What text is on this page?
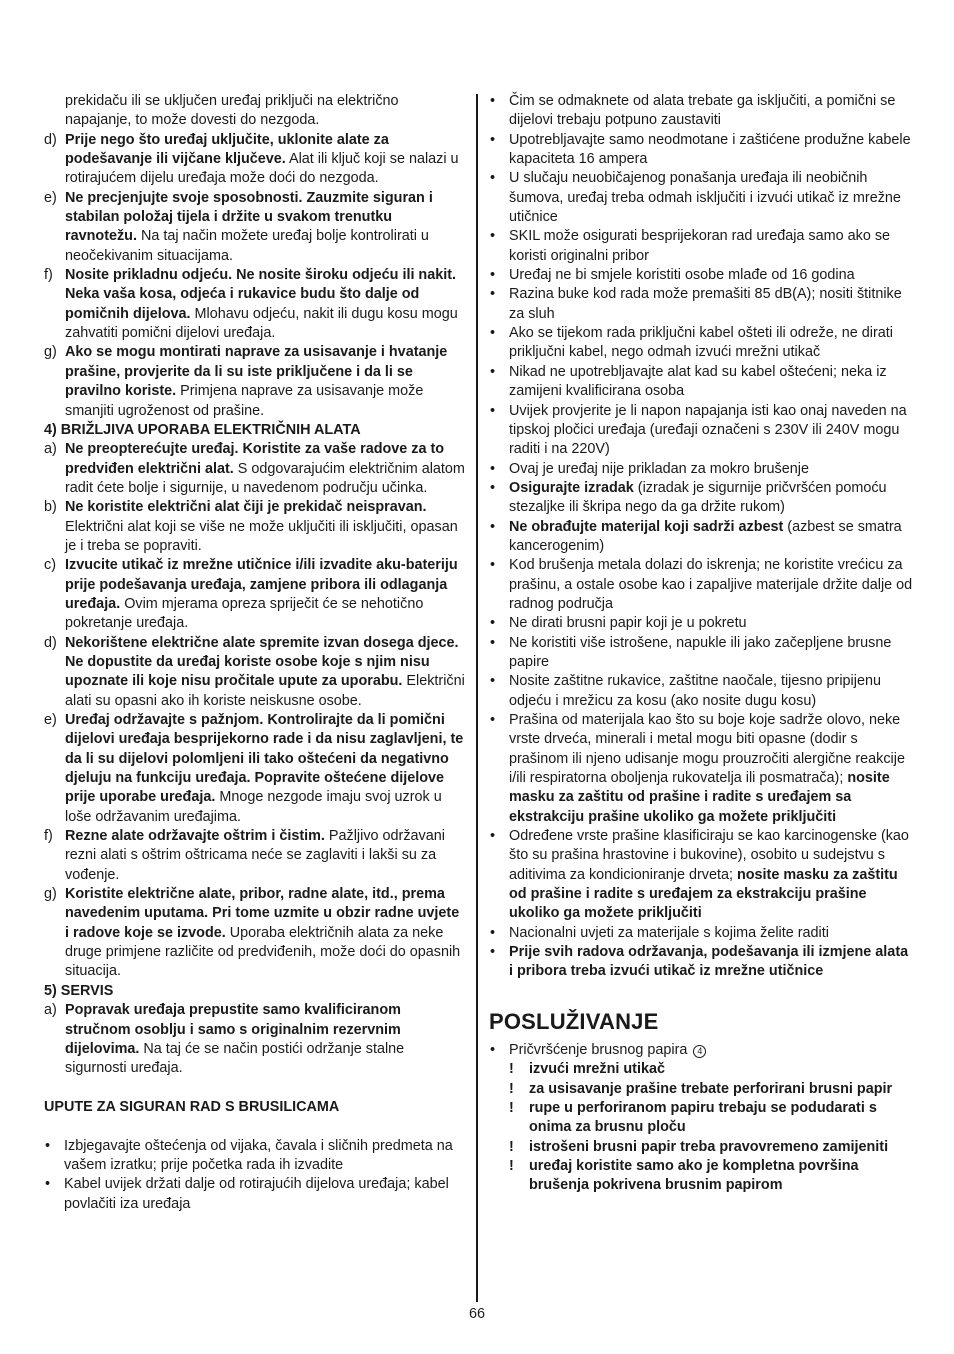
prekidaču ili se uključen uređaj priključi na električno napajanje, to može dovesti do nezgoda.
d) Prije nego što uređaj uključite, uklonite alate za podešavanje ili vijčane ključeve. Alat ili ključ koji se nalazi u rotirajućem dijelu uređaja može doći do nezgoda.
e) Ne precjenjujte svoje sposobnosti. Zauzmite siguran i stabilan položaj tijela i držite u svakom trenutku ravnotežu. Na taj način možete uređaj bolje kontrolirati u neočekivanim situacijama.
f) Nosite prikladnu odjeću. Ne nosite široku odjeću ili nakit. Neka vaša kosa, odjeća i rukavice budu što dalje od pomičnih dijelova. Mlohavu odjeću, nakit ili dugu kosu mogu zahvatiti pomični dijelovi uređaja.
g) Ako se mogu montirati naprave za usisavanje i hvatanje prašine, provjerite da li su iste priključene i da li se pravilno koriste. Primjena naprave za usisavanje može smanjiti ugroženost od prašine.
4) BRIŽLJIVA UPORABA ELEKTRIČNIH ALATA
a) Ne preopterećujte uređaj. Koristite za vaše radove za to predviđen električni alat. S odgovarajućim električnim alatom radit ćete bolje i sigurnije, u navedenom području učinka.
b) Ne koristite električni alat čiji je prekidač neispravan. Električni alat koji se više ne može uključiti ili isključiti, opasan je i treba se popraviti.
c) Izvucite utikač iz mrežne utičnice i/ili izvadite aku-bateriju prije podešavanja uređaja, zamjene pribora ili odlaganja uređaja. Ovim mjerama opreza spriječit će se nehotično pokretanje uređaja.
d) Nekorištene električne alate spremite izvan dosega djece. Ne dopustite da uređaj koriste osobe koje s njim nisu upoznate ili koje nisu pročitale upute za uporabu. Električni alati su opasni ako ih koriste neiskusne osobe.
e) Uređaj održavajte s pažnjom. Kontrolirajte da li pomični dijelovi uređaja besprijekorno rade i da nisu zaglavljeni, te da li su dijelovi polomljeni ili tako oštećeni da negativno djeluju na funkciju uređaja. Popravite oštećene dijelove prije uporabe uređaja. Mnoge nezgode imaju svoj uzrok u loše održavanim uređajima.
f) Rezne alate održavajte oštrim i čistim. Pažljivo održavani rezni alati s oštrim oštricama neće se zaglaviti i lakši su za vođenje.
g) Koristite električne alate, pribor, radne alate, itd., prema navedenim uputama. Pri tome uzmite u obzir radne uvjete i radove koje se izvode. Uporaba električnih alata za neke druge primjene različite od predviđenih, može doći do opasnih situacija.
5) SERVIS
a) Popravak uređaja prepustite samo kvalificiranom stručnom osoblju i samo s originalnim rezervnim dijelovima. Na taj će se način postići održanje stalne sigurnosti uređaja.
UPUTE ZA SIGURAN RAD S BRUSILICAMA
• Izbjegavajte oštećenja od vijaka, čavala i sličnih predmeta na vašem izratku; prije početka rada ih izvadite
• Kabel uvijek držati dalje od rotirajućih dijelova uređaja; kabel povlačiti iza uređaja
• Čim se odmaknete od alata trebate ga isključiti, a pomični se dijelovi trebaju potpuno zaustaviti
• Upotrebljavajte samo neodmotane i zaštićene produžne kabele kapaciteta 16 ampera
• U slučaju neuobičajenog ponašanja uređaja ili neobičnih šumova, uređaj treba odmah isključiti i izvući utikač iz mrežne utičnice
• SKIL može osigurati besprijekoran rad uređaja samo ako se koristi originalni pribor
• Uređaj ne bi smjele koristiti osobe mlađe od 16 godina
• Razina buke kod rada može premašiti 85 dB(A); nositi štitnike za sluh
• Ako se tijekom rada priključni kabel ošteti ili odreže, ne dirati priključni kabel, nego odmah izvući mrežni utikač
• Nikad ne upotrebljavajte alat kad su kabel oštećeni; neka iz zamijeni kvalificirana osoba
• Uvijek provjerite je li napon napajanja isti kao onaj naveden na tipskoj pločici uređaja (uređaji označeni s 230V ili 240V mogu raditi i na 220V)
• Ovaj je uređaj nije prikladan za mokro brušenje
• Osigurajte izradak (izradak je sigurnije pričvršćen pomoću stezaljke ili škripa nego da ga držite rukom)
• Ne obrađujte materijal koji sadrži azbest (azbest se smatra kancerogenim)
• Kod brušenja metala dolazi do iskrenja; ne koristite vrećicu za prašinu, a ostale osobe kao i zapaljive materijale držite dalje od radnog područja
• Ne dirati brusni papir koji je u pokretu
• Ne koristiti više istrošene, napukle ili jako začepljene brusne papire
• Nosite zaštitne rukavice, zaštitne naočale, tijesno pripijenu odjeću i mrežicu za kosu (ako nosite dugu kosu)
• Prašina od materijala kao što su boje koje sadrže olovo, neke vrste drveća, minerali i metal mogu biti opasne (dodir s prašinom ili njeno udisanje mogu prouzročiti alergične reakcije i/ili respiratorna oboljenja rukovatelja ili posmatrača); nosite masku za zaštitu od prašine i radite s uređajem sa ekstrakciju prašine ukoliko ga možete priključiti
• Određene vrste prašine klasificiraju se kao karcinogenske (kao što su prašina hrastovine i bukovine), osobito u sudejstvu s aditivima za kondicioniranje drveta; nosite masku za zaštitu od prašine i radite s uređajem za ekstrakciju prašine ukoliko ga možete priključiti
• Nacionalni uvjeti za materijale s kojima želite raditi
• Prije svih radova održavanja, podešavanja ili izmjene alata i pribora treba izvući utikač iz mrežne utičnice
POSLUŽIVANJE
• Pričvršćenje brusnog papira 4
! izvući mrežni utikač
! za usisavanje prašine trebate perforirani brusni papir
! rupe u perforiranom papiru trebaju se podudarati s onima za brusnu ploču
! istrošeni brusni papir treba pravovremeno zamijeniti
! uređaj koristite samo ako je kompletna površina brušenja pokrivena brusnim papirom
66
